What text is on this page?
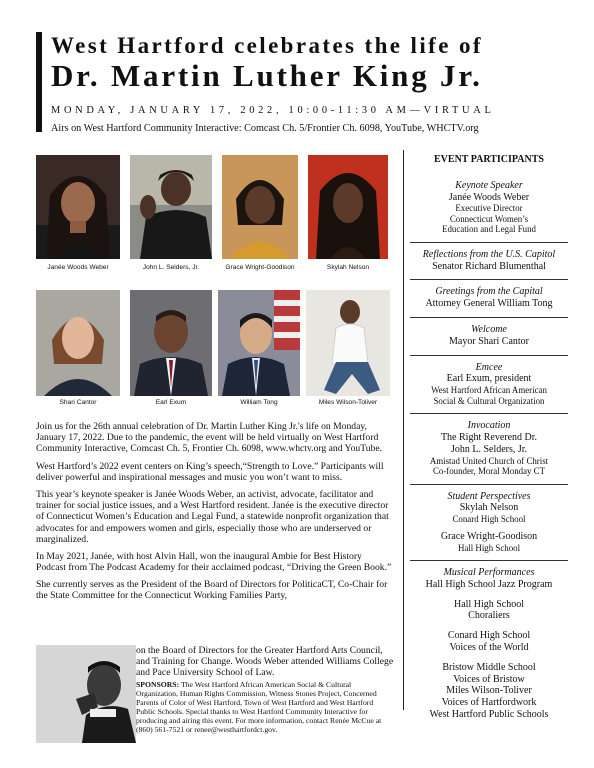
West Hartford celebrates the life of
Dr. Martin Luther King Jr.
MONDAY, JANUARY 17, 2022, 10:00-11:30 AM—VIRTUAL
Airs on West Hartford Community Interactive: Comcast Ch. 5/Frontier Ch. 6098, YouTube, WHCTV.org
Janée Woods Weber	John L. Selders, Jr.	Grace Wright-Goodison	Skylah Nelson
Shari Cantor	Earl Exum	William Tong	Miles Wilson-Toliver
EVENT PARTICIPANTS
Keynote Speaker
Janée Woods Weber
Executive Director
Connecticut Women’s
Education and Legal Fund
Reflections from the U.S. Capitol
Senator Richard Blumenthal
Greetings from the Capital
Attorney General William Tong
Welcome
Mayor Shari Cantor
Emcee
Earl Exum, president
West Hartford African American
Social & Cultural Organization
Invocation
The Right Reverend Dr.
John L. Selders, Jr.
Amistad United Church of Christ
Co-founder, Moral Monday CT
Student Perspectives
Skylah Nelson
Conard High School
Grace Wright-Goodison
Hall High School
Musical Performances
Hall High School Jazz Program
Hall High School
Choraliers
Conard High School
Voices of the World
Bristow Middle School
Voices of Bristow
Miles Wilson-Toliver
Voices of Hartfordwork
West Hartford Public Schools

Join us for the 26th annual celebration of Dr. Martin Luther King Jr.'s life on Monday, January 17, 2022. Due to the pandemic, the event will be held virtually on West Hartford Community Interactive, Comcast Ch. 5, Frontier Ch. 6098, www.whctv.org and YouTube.

West Hartford’s 2022 event centers on King’s speech,“Strength to Love.” Participants will deliver powerful and inspirational messages and music you won’t want to miss.

This year’s keynote speaker is Janée Woods Weber, an activist, advocate, facilitator and trainer for social justice issues, and a West Hartford resident. Janée is the executive director of Connecticut Women’s Education and Legal Fund, a statewide nonprofit organization that advocates for and empowers women and girls, especially those who are underserved or marginalized.

In May 2021, Janée, with host Alvin Hall, won the inaugural Ambie for Best History Podcast from The Podcast Academy for their acclaimed podcast, “Driving the Green Book.”

She currently serves as the President of the Board of Directors for PoliticaCT, Co-Chair for the State Committee for the Connecticut Working Families Party,

on the Board of Directors for the Greater Hartford Arts Council, and Training for Change. Woods Weber attended Williams College and Pace University School of Law.
SPONSORS: The West Hartford African American Social & Cultural Organization, Human Rights Commission, Witness Stones Project, Concerned Parents of Color of West Hartford, Town of West Hartford and West Hartford Public Schools. Special thanks to West Hartford Community Interactive for producing and airing this event. For more information, contact Renée McCue at (860) 561-7521 or renee@westhartfordct.gov.
